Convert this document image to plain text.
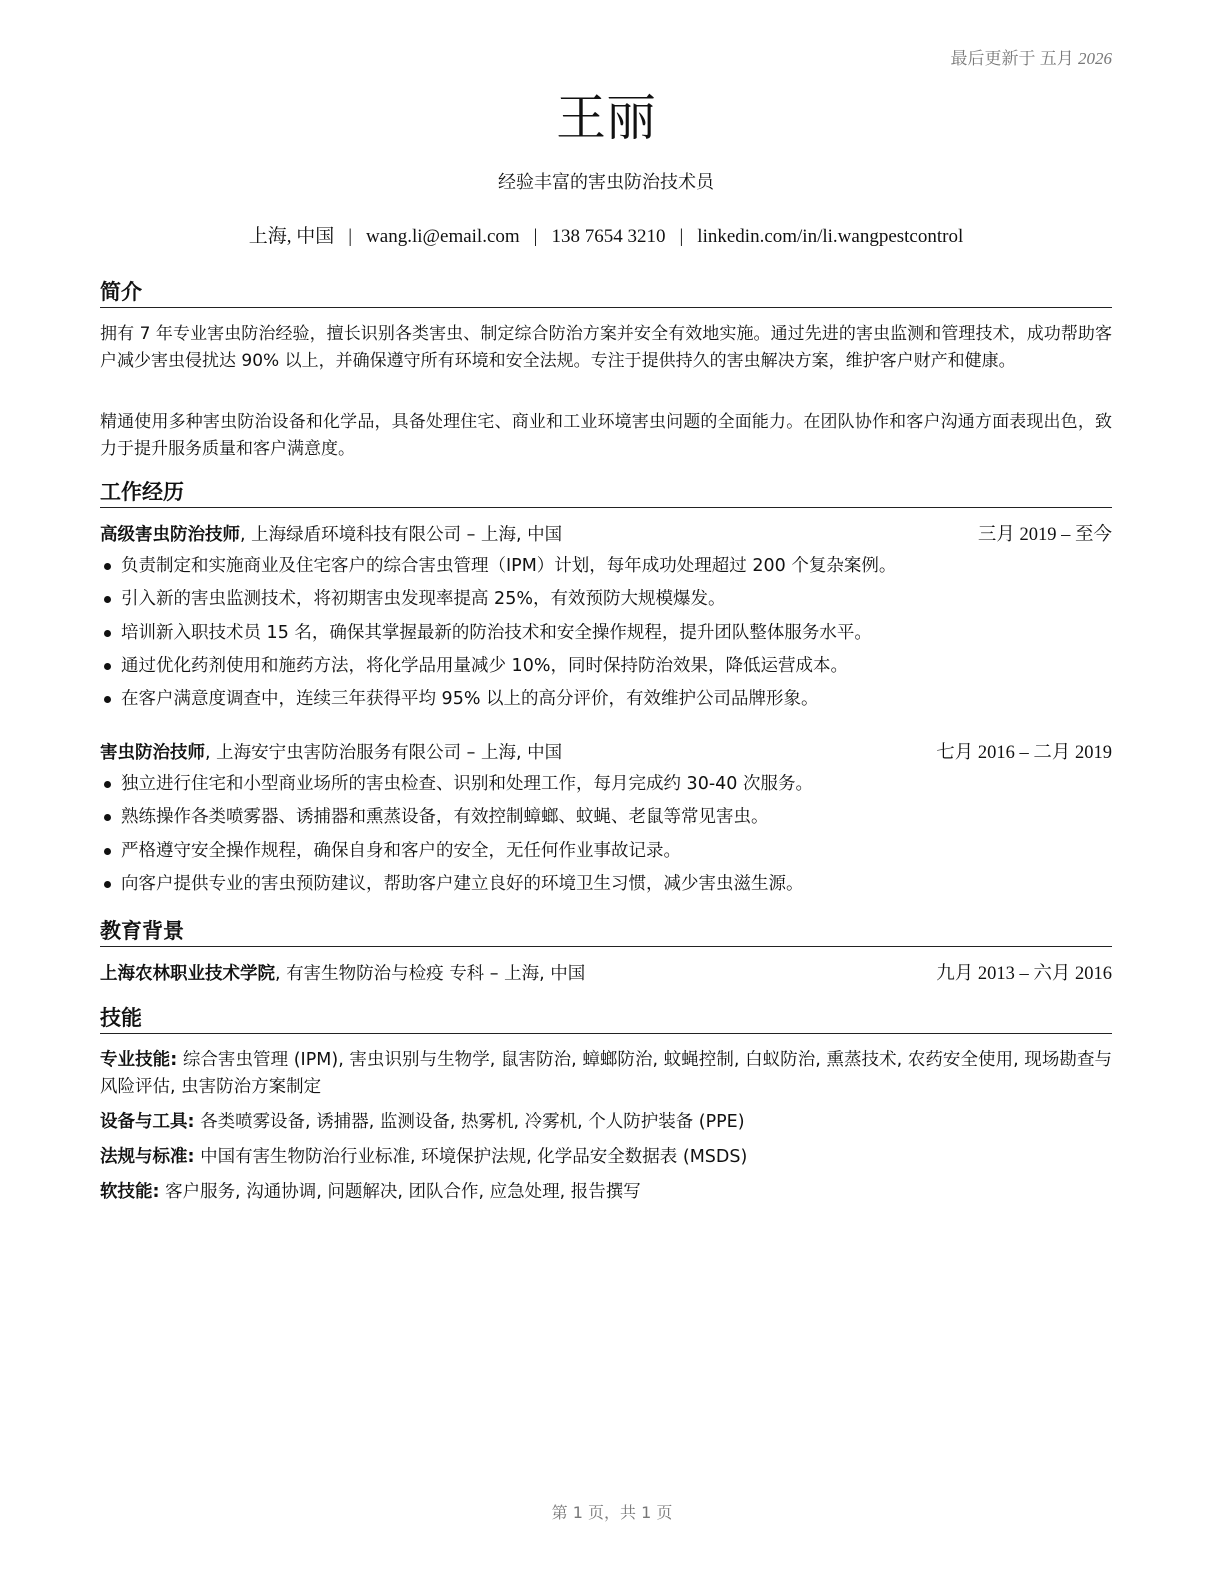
最后更新于 五月 2026
王丽
经验丰富的害虫防治技术员
上海, 中国 | wang.li@email.com | 138 7654 3210 | linkedin.com/in/li.wangpestcontrol
简介
拥有 7 年专业害虫防治经验，擅长识别各类害虫、制定综合防治方案并安全有效地实施。通过先进的害虫监测和管理技术，成功帮助客户减少害虫侵扰达 90% 以上，并确保遵守所有环境和安全法规。专注于提供持久的害虫解决方案，维护客户财产和健康。
精通使用多种害虫防治设备和化学品，具备处理住宅、商业和工业环境害虫问题的全面能力。在团队协作和客户沟通方面表现出色，致力于提升服务质量和客户满意度。
工作经历
高级害虫防治技师, 上海绿盾环境科技有限公司 – 上海, 中国	三月 2019 – 至今
负责制定和实施商业及住宅客户的综合害虫管理（IPM）计划，每年成功处理超过 200 个复杂案例。
引入新的害虫监测技术，将初期害虫发现率提高 25%，有效预防大规模爆发。
培训新入职技术员 15 名，确保其掌握最新的防治技术和安全操作规程，提升团队整体服务水平。
通过优化药剂使用和施药方法，将化学品用量减少 10%，同时保持防治效果，降低运营成本。
在客户满意度调查中，连续三年获得平均 95% 以上的高分评价，有效维护公司品牌形象。
害虫防治技师, 上海安宁虫害防治服务有限公司 – 上海, 中国	七月 2016 – 二月 2019
独立进行住宅和小型商业场所的害虫检查、识别和处理工作，每月完成约 30-40 次服务。
熟练操作各类喷雾器、诱捕器和熏蒸设备，有效控制蟑螂、蚊蝇、老鼠等常见害虫。
严格遵守安全操作规程，确保自身和客户的安全，无任何作业事故记录。
向客户提供专业的害虫预防建议，帮助客户建立良好的环境卫生习惯，减少害虫滋生源。
教育背景
上海农林职业技术学院, 有害生物防治与检疫 专科 – 上海, 中国	九月 2013 – 六月 2016
技能
专业技能: 综合害虫管理 (IPM), 害虫识别与生物学, 鼠害防治, 蟑螂防治, 蚊蝇控制, 白蚁防治, 熏蒸技术, 农药安全使用, 现场勘查与风险评估, 虫害防治方案制定
设备与工具: 各类喷雾设备, 诱捕器, 监测设备, 热雾机, 冷雾机, 个人防护装备 (PPE)
法规与标准: 中国有害生物防治行业标准, 环境保护法规, 化学品安全数据表 (MSDS)
软技能: 客户服务, 沟通协调, 问题解决, 团队合作, 应急处理, 报告撰写
第 1 页，共 1 页
